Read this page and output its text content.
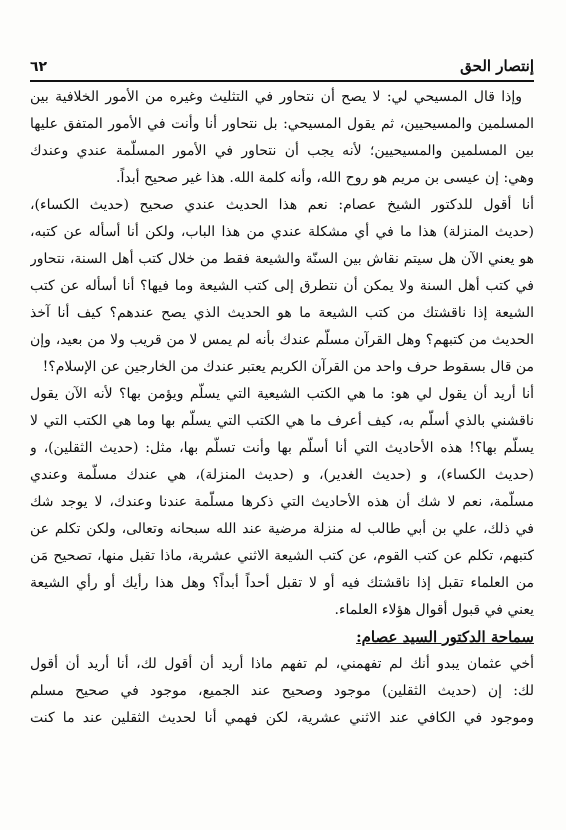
إنتصار الحق
٦٢
وإذا قال المسيحي لي: لا يصح أن نتحاور في التثليث وغيره من الأمور الخلافية بين
المسلمين والمسيحيين، ثم يقول المسيحي: بل نتحاور أنا وأنت في الأمور المتفق عليها
بين المسلمين والمسيحيين؛ لأنه يجب أن نتحاور في الأمور المسلّمة عندي وعندك
وهي: إن عيسى بن مريم هو روح الله، وأنه كلمة الله. هذا غير صحيح أبداً.
أنا أقول للدكتور الشيخ عصام: نعم هذا الحديث عندي صحيح (حديث الكساء)،
(حديث المنزلة) هذا ما في أي مشكلة عندي من هذا الباب، ولكن أنا أسأله عن كتبه،
هو يعني الآن هل سيتم نقاش بين السنّة والشيعة فقط من خلال كتب أهل السنة، نتحاور
في كتب أهل السنة ولا يمكن أن نتطرق إلى كتب الشيعة وما فيها؟ أنا أسأله عن كتب
الشيعة إذا ناقشتك من كتب الشيعة ما هو الحديث الذي يصح عندهم؟ كيف أنا آخذ
الحديث من كتبهم؟ وهل القرآن مسلّم عندك بأنه لم يمس لا من قريب ولا من بعيد، وإن
من قال بسقوط حرف واحد من القرآن الكريم يعتبر عندك من الخارجين عن الإسلام؟!
أنا أريد أن يقول لي هو: ما هي الكتب الشيعية التي يسلّم ويؤمن بها؟ لأنه الآن يقول
ناقشني بالذي أسلّم به، كيف أعرف ما هي الكتب التي يسلّم بها وما هي الكتب التي لا
يسلّم بها؟! هذه الأحاديث التي أنا أسلّم بها وأنت تسلّم بها، مثل: (حديث الثقلين)، و
(حديث الكساء)، و (حديث الغدير)، و (حديث المنزلة)، هي عندك مسلّمة وعندي
مسلّمة، نعم لا شك أن هذه الأحاديث التي ذكرها مسلّمة عندنا وعندك، لا يوجد شك
في ذلك، علي بن أبي طالب له منزلة مرضية عند الله سبحانه وتعالى، ولكن تكلم عن
كتبهم، تكلم عن كتب القوم، عن كتب الشيعة الاثني عشرية، ماذا تقبل منها، تصحيح مَن
من العلماء تقبل إذا ناقشتك فيه أو لا تقبل أحداً أبداً؟ وهل هذا رأيك أو رأي الشيعة
يعني في قبول أقوال هؤلاء العلماء.
سماحة الدكتور السيد عصام:
أخي عثمان يبدو أنك لم تفهمني، لم تفهم ماذا أريد أن أقول لك، أنا أريد أن أقول
لك: إن (حديث الثقلين) موجود وصحيح عند الجميع، موجود في صحيح مسلم
وموجود في الكافي عند الاثني عشرية، لكن فهمي أنا لحديث الثقلين عند ما كنت
